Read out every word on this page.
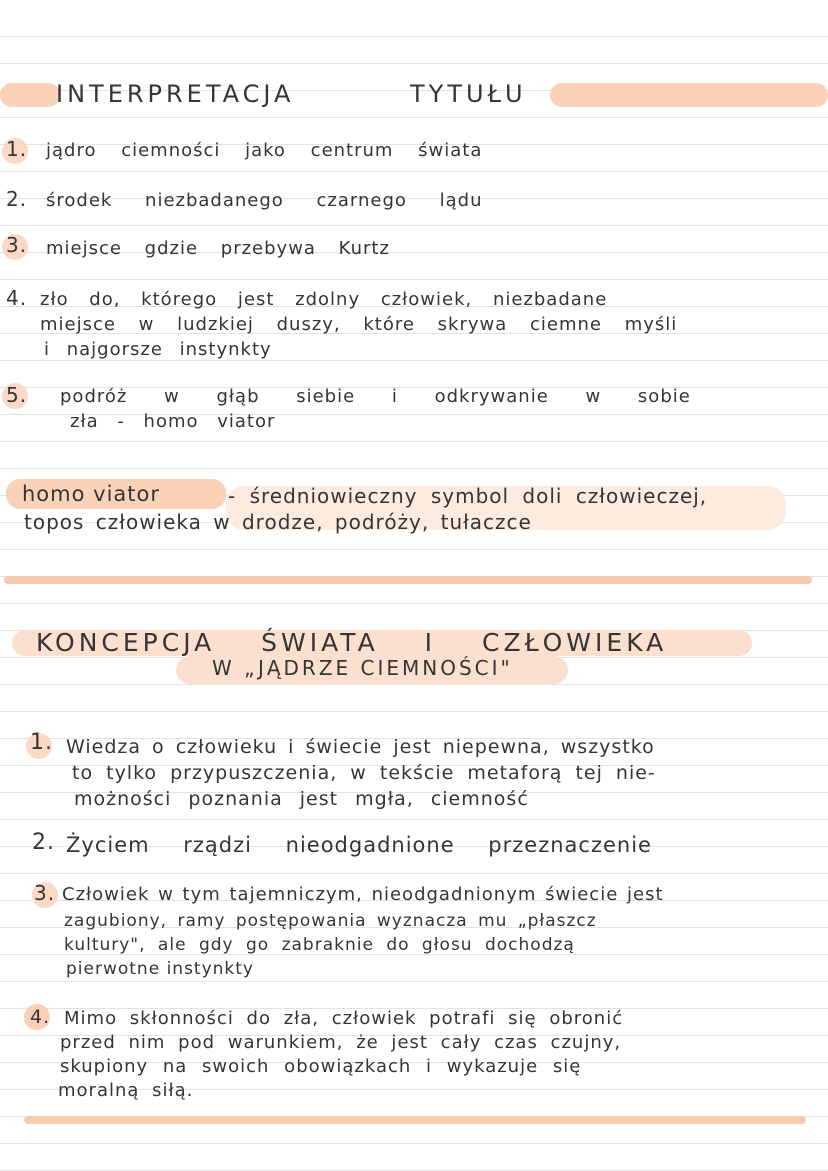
INTERPRETACJA	TYTUŁU
1. jądro ciemności jako centrum świata
2. środek niezbadanego czarnego lądu
3. miejsce gdzie przebywa Kurtz
4. zło do, którego jest zdolny człowiek, niezbadane
miejsce w ludzkiej duszy, które skrywa ciemne myśli
i najgorsze instynkty
5. podróż w głąb siebie i odkrywanie w sobie
zła - homo viator
homo viator	- średniowieczny symbol doli człowieczej,
topos człowieka w drodze, podróży, tułaczce
KONCEPCJA ŚWIATA I CZŁOWIEKA
W „JĄDRZE CIEMNOŚCI"
1. Wiedza o człowieku i świecie jest niepewna, wszystko
to tylko przypuszczenia, w tekście metaforą tej nie-
możności poznania jest mgła, ciemność
2. Życiem rządzi nieodgadnione przeznaczenie
3. Człowiek w tym tajemniczym, nieodgadnionym świecie jest
zagubiony, ramy postępowania wyznacza mu „płaszcz
kultury", ale gdy go zabraknie do głosu dochodzą
pierwotne instynkty
4. Mimo skłonności do zła, człowiek potrafi się obronić
przed nim pod warunkiem, że jest cały czas czujny,
skupiony na swoich obowiązkach i wykazuje się
moralną siłą.
